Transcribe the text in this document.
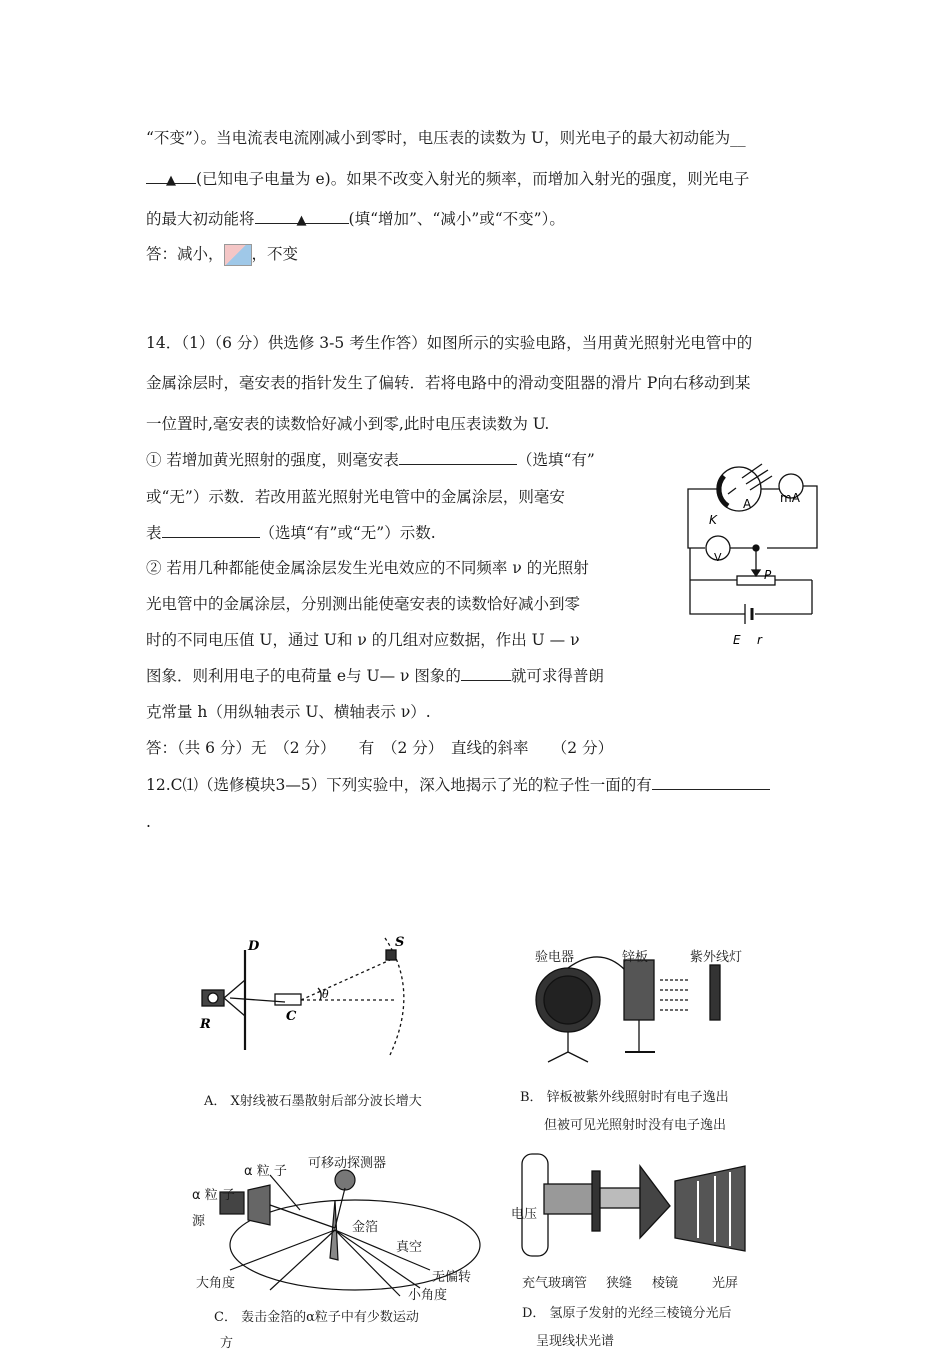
“不变”）。当电流表电流刚减小到零时，电压表的读数为 U，则光电子的最大初动能为__
▲ (已知电子电量为 e)。如果不改变入射光的频率，而增加入射光的强度，则光电子
的最大初动能将	▲	(填“增加”、“减小”或“不变”）。
答：减小， ，不变
14．（1）（6 分）供选修 3-5 考生作答）如图所示的实验电路，当用黄光照射光电管中的
金属涂层时，毫安表的指针发生了偏转．若将电路中的滑动变阻器的滑片 P向右移动到某
一位置时,毫安表的读数恰好减小到零,此时电压表读数为 U.
① 若增加黄光照射的强度，则毫安表	（选填“有”
或“无”）示数．若改用蓝光照射光电管中的金属涂层，则毫安
表	（选填“有”或“无”）示数.
② 若用几种都能使金属涂层发生光电效应的不同频率 ν 的光照射
光电管中的金属涂层，分别测出能使毫安表的读数恰好减小到零
时的不同电压值 U，通过 U和 ν 的几组对应数据，作出 U — ν
图象．则利用电子的电荷量 e与 U— ν 图象的	就可求得普朗
克常量 h（用纵轴表示 U、横轴表示 ν）.
答：（共 6 分）无　（2 分）　　有　（2 分）　直线的斜率　　（2 分）
mA
A
K
V
P
E r
12.C⑴（选修模块3—5）下列实验中，深入地揭示了光的粒子性一面的有
.
D	S
R
C
θ
A． X射线被石墨散射后部分波长增大
验电器	锌板	紫外线灯
B． 锌板被紫外线照射时有电子逸出
但被可见光照射时没有电子逸出
α 粒 子
α 粒 子
源
可移动探测器
金箔
真空
大角度	无偏转
小角度
C． 轰击金箔的α粒子中有少数运动
方
电压
充气玻璃管 狭缝 棱镜	光屏
D． 氢原子发射的光经三棱镜分光后
呈现线状光谱
